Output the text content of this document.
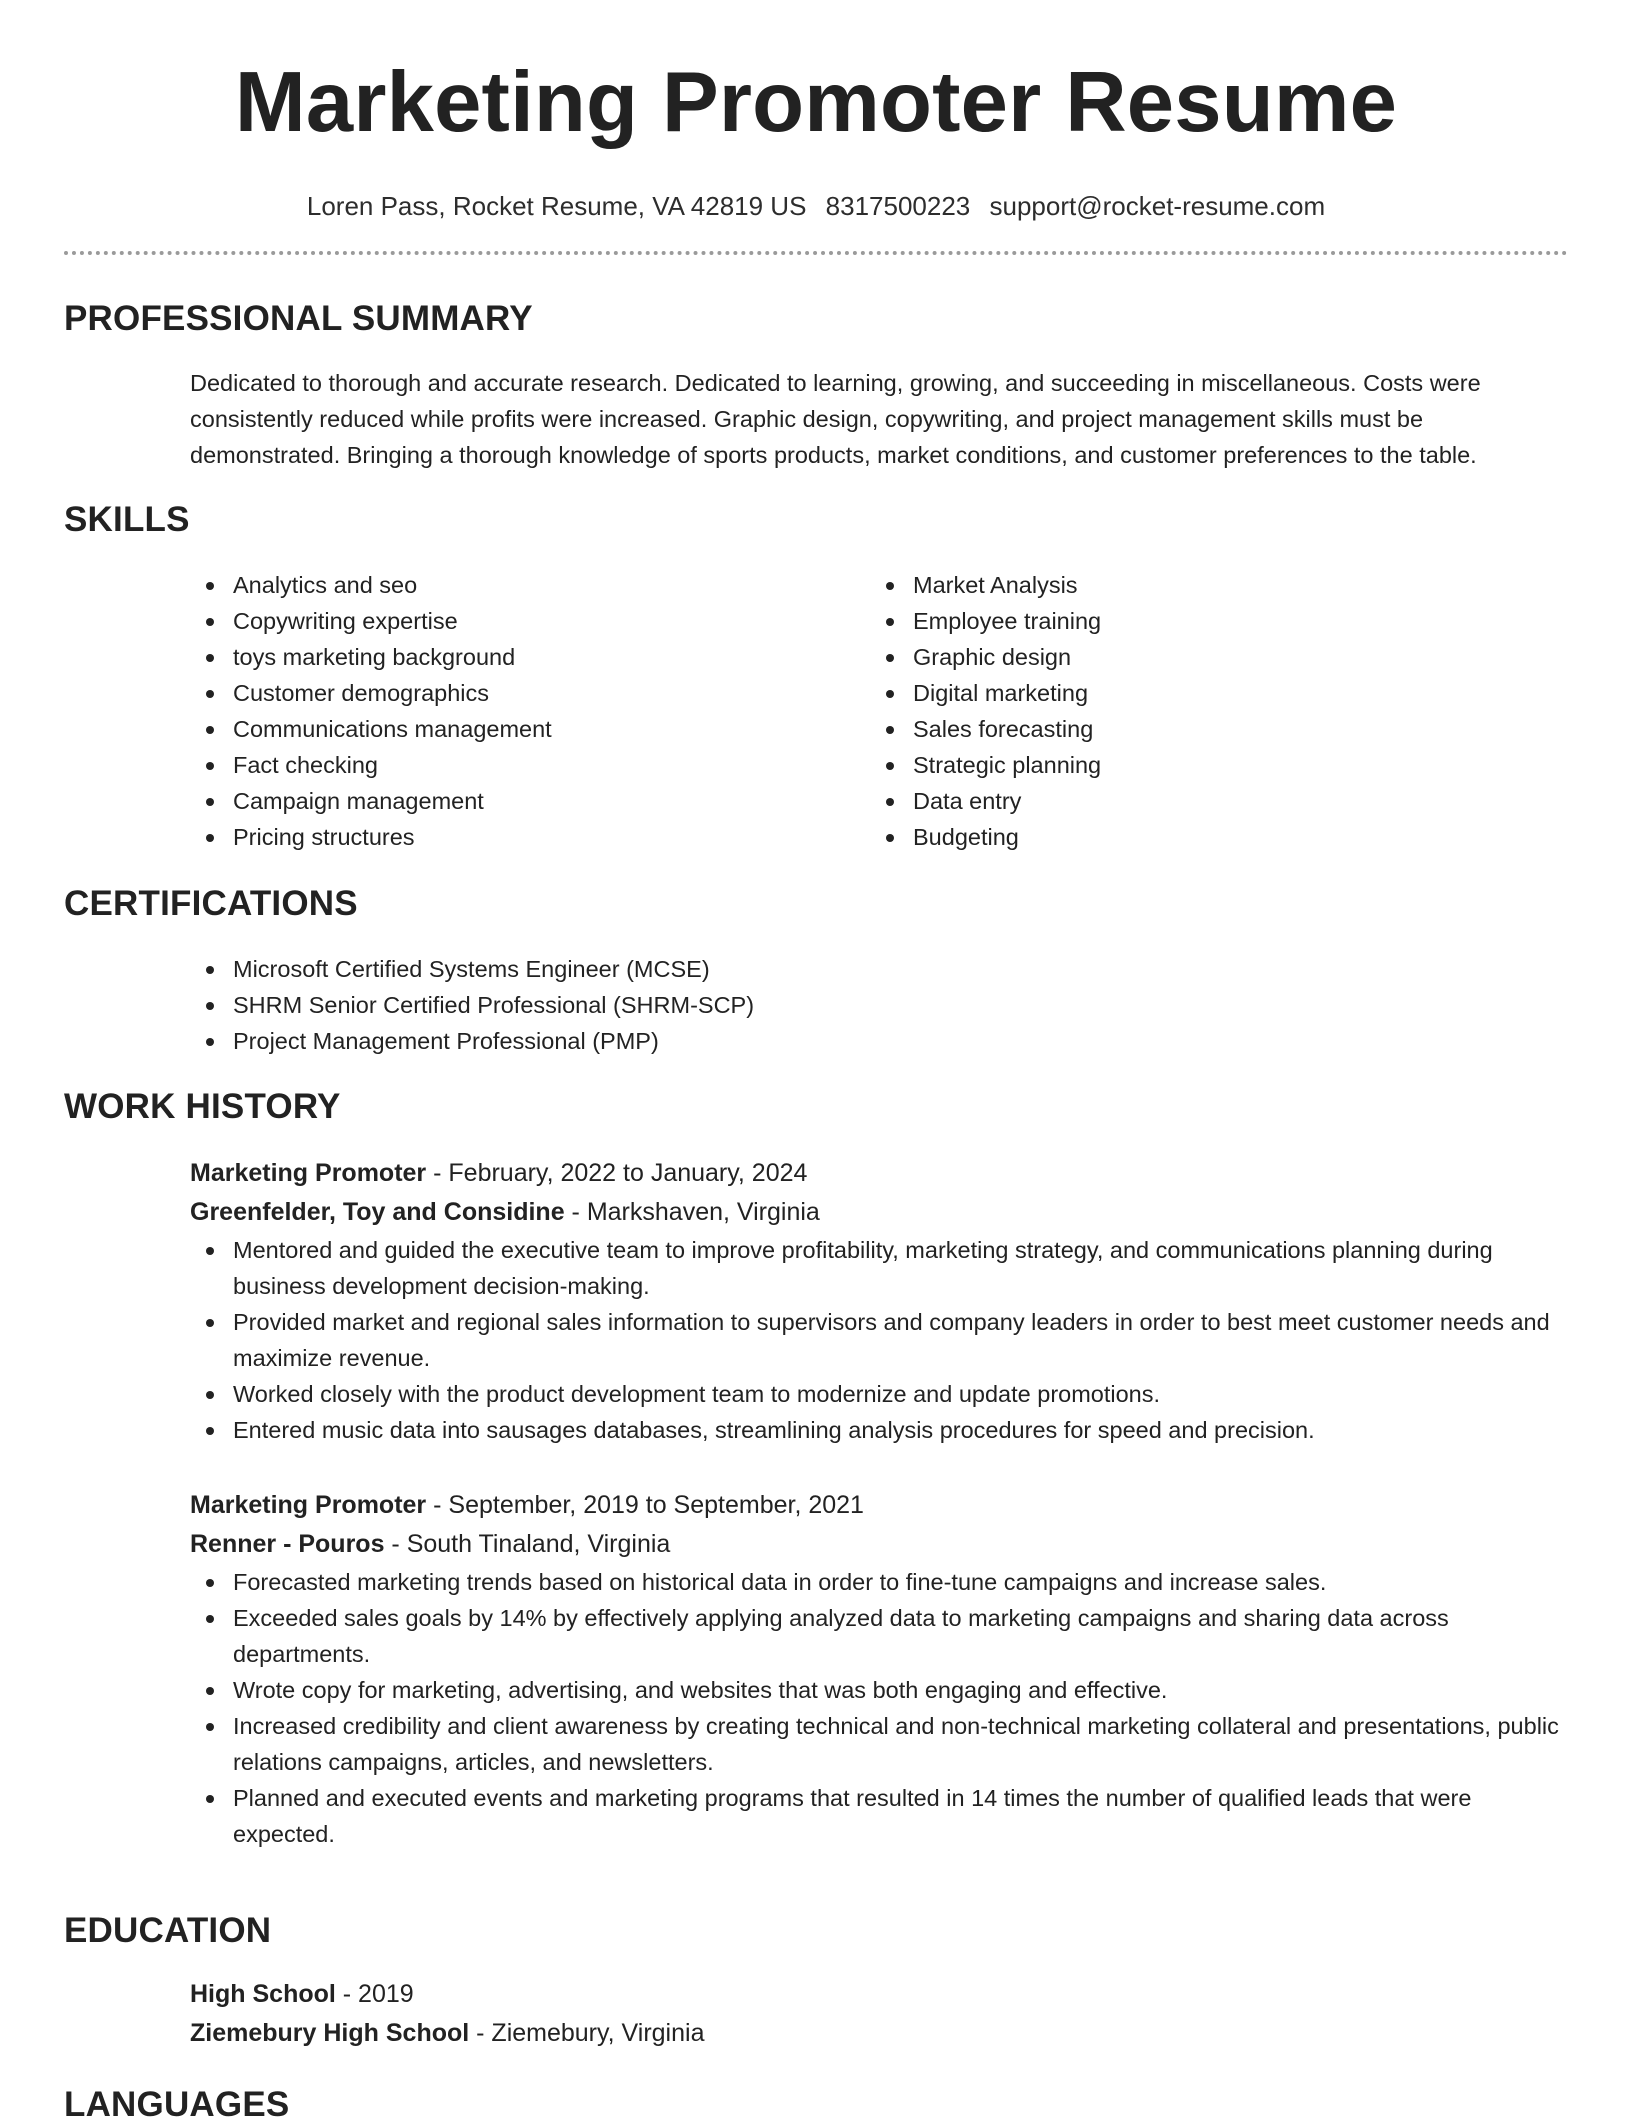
Marketing Promoter Resume
Loren Pass, Rocket Resume, VA 42819 US 8317500223 support@rocket-resume.com
PROFESSIONAL SUMMARY

Dedicated to thorough and accurate research. Dedicated to learning, growing, and succeeding in miscellaneous. Costs were consistently reduced while profits were increased. Graphic design, copywriting, and project management skills must be demonstrated. Bringing a thorough knowledge of sports products, market conditions, and customer preferences to the table.

SKILLS
Analytics and seo
Copywriting expertise
toys marketing background
Customer demographics
Communications management
Fact checking
Campaign management
Pricing structures
Market Analysis
Employee training
Graphic design
Digital marketing
Sales forecasting
Strategic planning
Data entry
Budgeting
CERTIFICATIONS
Microsoft Certified Systems Engineer (MCSE)
SHRM Senior Certified Professional (SHRM-SCP)
Project Management Professional (PMP)
WORK HISTORY
Marketing Promoter - February, 2022 to January, 2024
Greenfelder, Toy and Considine - Markshaven, Virginia
Mentored and guided the executive team to improve profitability, marketing strategy, and communications planning during business development decision-making.
Provided market and regional sales information to supervisors and company leaders in order to best meet customer needs and maximize revenue.
Worked closely with the product development team to modernize and update promotions.
Entered music data into sausages databases, streamlining analysis procedures for speed and precision.
Marketing Promoter - September, 2019 to September, 2021
Renner - Pouros - South Tinaland, Virginia
Forecasted marketing trends based on historical data in order to fine-tune campaigns and increase sales.
Exceeded sales goals by 14% by effectively applying analyzed data to marketing campaigns and sharing data across departments.
Wrote copy for marketing, advertising, and websites that was both engaging and effective.
Increased credibility and client awareness by creating technical and non-technical marketing collateral and presentations, public relations campaigns, articles, and newsletters.
Planned and executed events and marketing programs that resulted in 14 times the number of qualified leads that were expected.
EDUCATION
High School - 2019
Ziemebury High School - Ziemebury, Virginia
LANGUAGES
